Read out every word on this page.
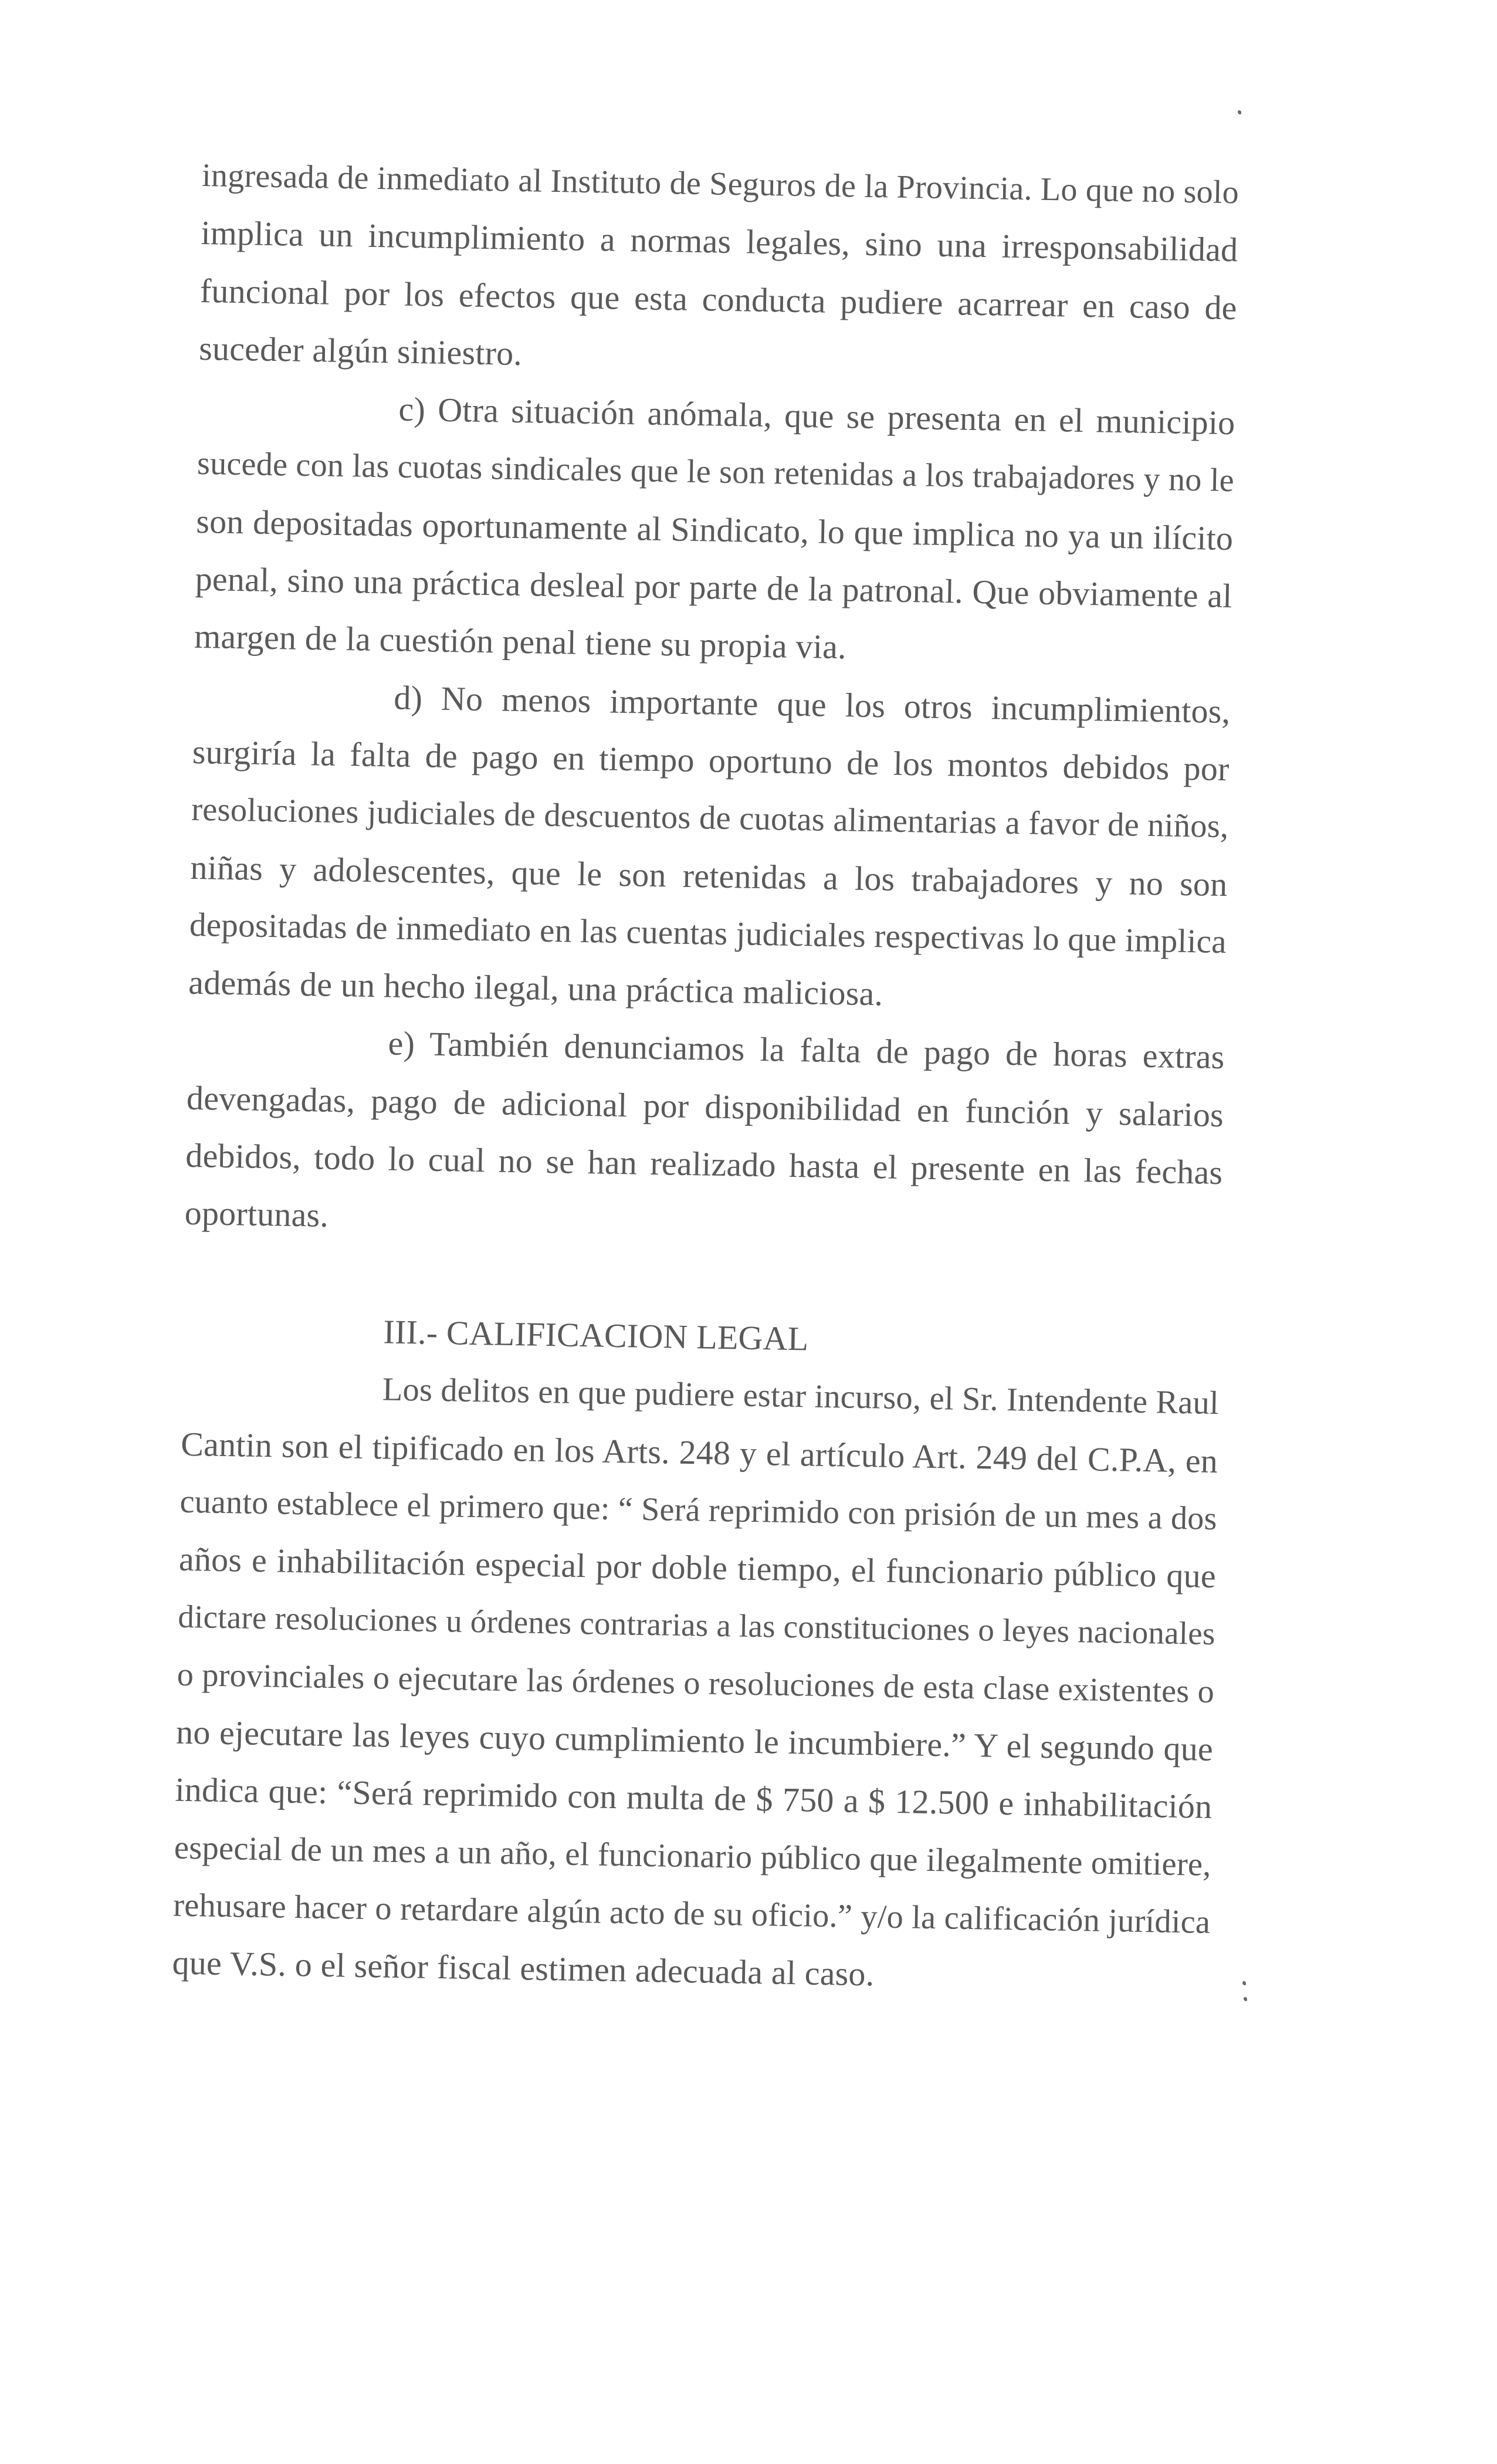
ingresada de inmediato al Instituto de Seguros de la Provincia. Lo que no solo
implica un incumplimiento a normas legales, sino una irresponsabilidad
funcional por los efectos que esta conducta pudiere acarrear en caso de
suceder algún siniestro.
c) Otra situación anómala, que se presenta en el municipio
sucede con las cuotas sindicales que le son retenidas a los trabajadores y no le
son depositadas oportunamente al Sindicato, lo que implica no ya un ilícito
penal, sino una práctica desleal por parte de la patronal. Que obviamente al
margen de la cuestión penal tiene su propia via.
d) No menos importante que los otros incumplimientos,
surgiría la falta de pago en tiempo oportuno de los montos debidos por
resoluciones judiciales de descuentos de cuotas alimentarias a favor de niños,
niñas y adolescentes, que le son retenidas a los trabajadores y no son
depositadas de inmediato en las cuentas judiciales respectivas lo que implica
además de un hecho ilegal, una práctica maliciosa.
e) También denunciamos la falta de pago de horas extras
devengadas, pago de adicional por disponibilidad en función y salarios
debidos, todo lo cual no se han realizado hasta el presente en las fechas
oportunas.
III.- CALIFICACION LEGAL
Los delitos en que pudiere estar incurso, el Sr. Intendente Raul
Cantin son el tipificado en los Arts. 248 y el artículo Art. 249 del C.P.A, en
cuanto establece el primero que: “ Será reprimido con prisión de un mes a dos
años e inhabilitación especial por doble tiempo, el funcionario público que
dictare resoluciones u órdenes contrarias a las constituciones o leyes nacionales
o provinciales o ejecutare las órdenes o resoluciones de esta clase existentes o
no ejecutare las leyes cuyo cumplimiento le incumbiere.” Y el segundo que
indica que: “Será reprimido con multa de $ 750 a $ 12.500 e inhabilitación
especial de un mes a un año, el funcionario público que ilegalmente omitiere,
rehusare hacer o retardare algún acto de su oficio.” y/o la calificación jurídica
que V.S. o el señor fiscal estimen adecuada al caso.
